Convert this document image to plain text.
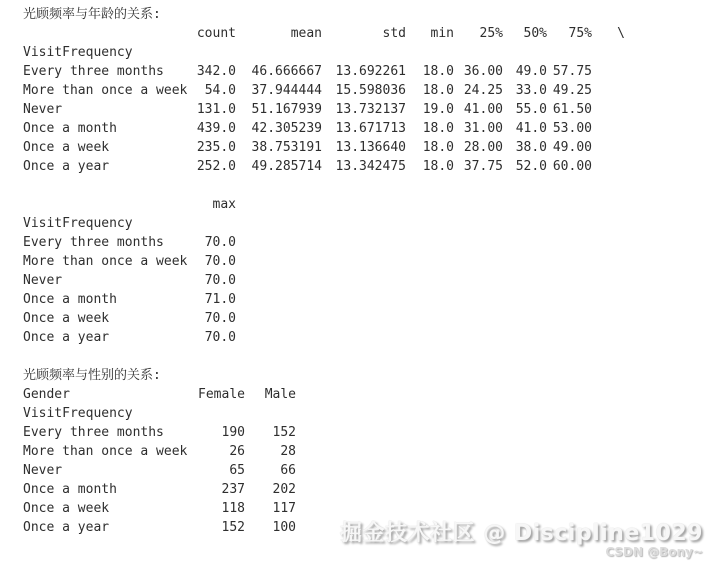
光顾频率与年龄的关系:
	count	mean	std	min	25%	50%	75%	\
VisitFrequency								
Every three months	342.0	46.666667	13.692261	18.0	36.00	49.0	57.75	
More than once a week	54.0	37.944444	15.598036	18.0	24.25	33.0	49.25	
Never	131.0	51.167939	13.732137	19.0	41.00	55.0	61.50	
Once a month	439.0	42.305239	13.671713	18.0	31.00	41.0	53.00	
Once a week	235.0	38.753191	13.136640	18.0	28.00	38.0	49.00	
Once a year	252.0	49.285714	13.342475	18.0	37.75	52.0	60.00	
	max
VisitFrequency	
Every three months	70.0
More than once a week	70.0
Never	70.0
Once a month	71.0
Once a week	70.0
Once a year	70.0
光顾频率与性别的关系:
Gender	Female	Male
VisitFrequency		
Every three months	190	152
More than once a week	26	28
Never	65	66
Once a month	237	202
Once a week	118	117
Once a year	152	100 掘金技术社区 @ Discipline1029
CSDN @Bony~
